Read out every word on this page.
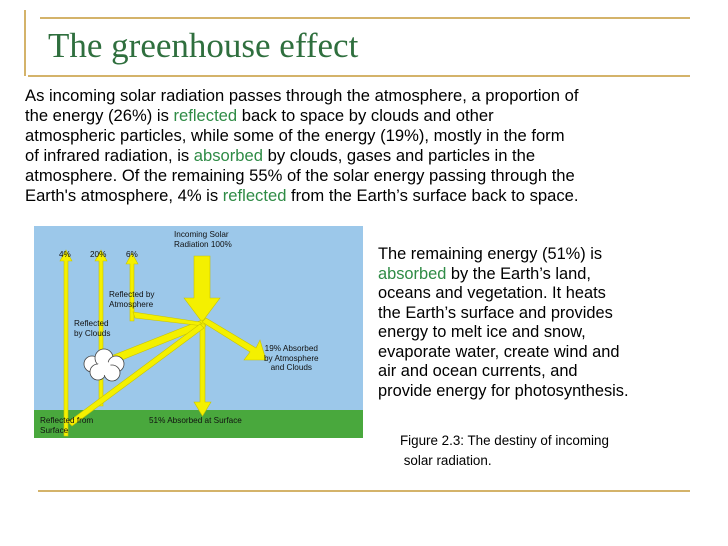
The greenhouse effect
As incoming solar radiation passes through the atmosphere, a proportion of
the energy (26%) is reflected back to space by clouds and other
atmospheric particles, while some of the energy (19%), mostly in the form
of infrared radiation, is absorbed by clouds, gases and particles in the
atmosphere. Of the remaining 55% of the solar energy passing through the
Earth's atmosphere, 4% is reflected from the Earth’s surface back to space.
4% 20% 6%
Incoming Solar
Radiation 100%
Reflected by
Atmosphere
Reflected
by Clouds
19% Absorbed
by Atmosphere
and Clouds
Reflected from
Surface
51% Absorbed at Surface
The remaining energy (51%) is
absorbed by the Earth’s land,
oceans and vegetation. It heats
the Earth’s surface and provides
energy to melt ice and snow,
evaporate water, create wind and
air and ocean currents, and
provide energy for photosynthesis.
Figure 2.3: The destiny of incoming
solar radiation.
